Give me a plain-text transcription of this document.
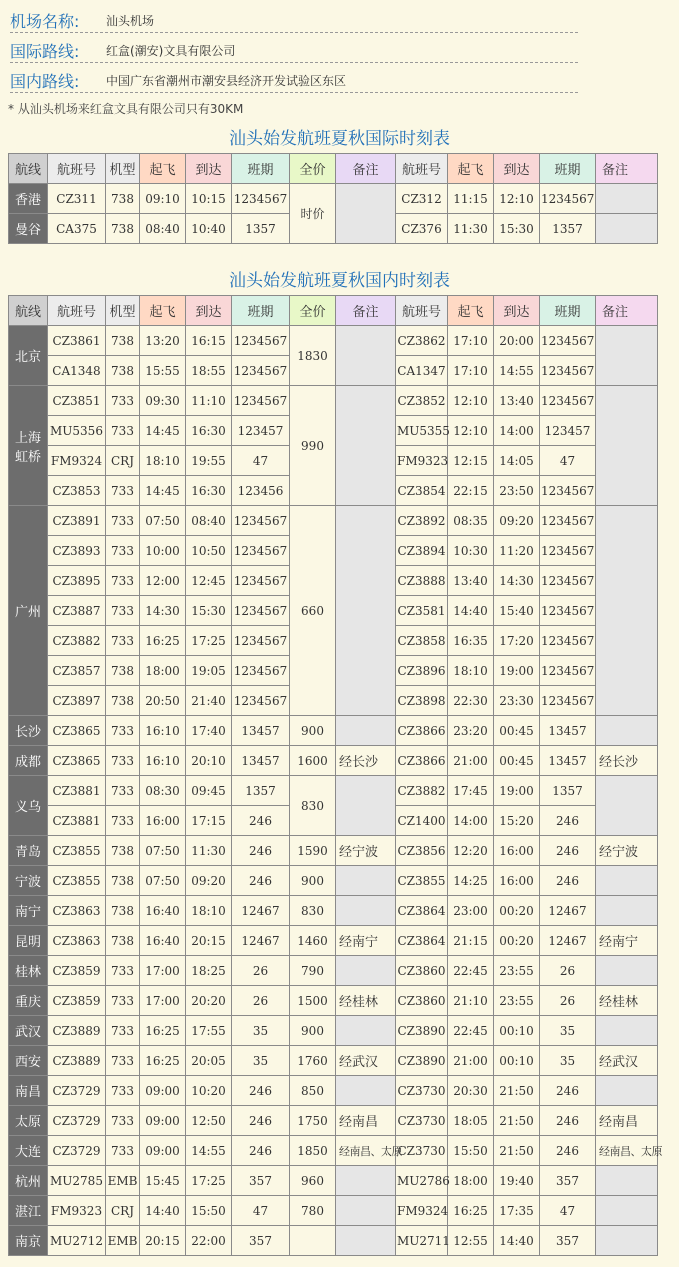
机场名称: 汕头机场
国际路线: 红盒(潮安)文具有限公司
国内路线: 中国广东省潮州市潮安县经济开发试验区东区
* 从汕头机场来红盒文具有限公司只有30KM
汕头始发航班夏秋国际时刻表
航线	航班号	机型	起飞	到达	班期	全价	备注	航班号	起飞	到达	班期	备注
香港	CZ311	738	09:10	10:15	1234567	时价		CZ312	11:15	12:10	1234567	
曼谷	CA375	738	08:40	10:40	1357			CZ376	11:30	15:30	1357	
汕头始发航班夏秋国内时刻表
航线	航班号	机型	起飞	到达	班期	全价	备注	航班号	起飞	到达	班期	备注
北京	CZ3861	738	13:20	16:15	1234567	1830		CZ3862	17:10	20:00	1234567	
	CA1348	738	15:55	18:55	1234567			CA1347	17:10	14:55	1234567	
上海虹桥	CZ3851	733	09:30	11:10	1234567	990		CZ3852	12:10	13:40	1234567	
	MU5356	733	14:45	16:30	123457			MU5355	12:10	14:00	123457	
	FM9324	CRJ	18:10	19:55	47			FM9323	12:15	14:05	47	
	CZ3853	733	14:45	16:30	123456			CZ3854	22:15	23:50	1234567	
广州	CZ3891	733	07:50	08:40	1234567	660		CZ3892	08:35	09:20	1234567	
	CZ3893	733	10:00	10:50	1234567			CZ3894	10:30	11:20	1234567	
	CZ3895	733	12:00	12:45	1234567			CZ3888	13:40	14:30	1234567	
	CZ3887	733	14:30	15:30	1234567			CZ3581	14:40	15:40	1234567	
	CZ3882	733	16:25	17:25	1234567			CZ3858	16:35	17:20	1234567	
	CZ3857	738	18:00	19:05	1234567			CZ3896	18:10	19:00	1234567	
	CZ3897	738	20:50	21:40	1234567			CZ3898	22:30	23:30	1234567	
长沙	CZ3865	733	16:10	17:40	13457	900		CZ3866	23:20	00:45	13457	
成都	CZ3865	733	16:10	20:10	13457	1600	经长沙	CZ3866	21:00	00:45	13457	经长沙
义乌	CZ3881	733	08:30	09:45	1357	830		CZ3882	17:45	19:00	1357	
	CZ3881	733	16:00	17:15	246			CZ1400	14:00	15:20	246	
青岛	CZ3855	738	07:50	11:30	246	1590	经宁波	CZ3856	12:20	16:00	246	经宁波
宁波	CZ3855	738	07:50	09:20	246	900		CZ3855	14:25	16:00	246	
南宁	CZ3863	738	16:40	18:10	12467	830		CZ3864	23:00	00:20	12467	
昆明	CZ3863	738	16:40	20:15	12467	1460	经南宁	CZ3864	21:15	00:20	12467	经南宁
桂林	CZ3859	733	17:00	18:25	26	790		CZ3860	22:45	23:55	26	
重庆	CZ3859	733	17:00	20:20	26	1500	经桂林	CZ3860	21:10	23:55	26	经桂林
武汉	CZ3889	733	16:25	17:55	35	900		CZ3890	22:45	00:10	35	
西安	CZ3889	733	16:25	20:05	35	1760	经武汉	CZ3890	21:00	00:10	35	经武汉
南昌	CZ3729	733	09:00	10:20	246	850		CZ3730	20:30	21:50	246	
太原	CZ3729	733	09:00	12:50	246	1750	经南昌	CZ3730	18:05	21:50	246	经南昌
大连	CZ3729	733	09:00	14:55	246	1850	经南昌、太原	CZ3730	15:50	21:50	246	经南昌、太原
杭州	MU2785	EMB	15:45	17:25	357	960		MU2786	18:00	19:40	357	
湛江	FM9323	CRJ	14:40	15:50	47	780		FM9324	16:25	17:35	47	
南京	MU2712	EMB	20:15	22:00	357			MU2711	12:55	14:40	357	
